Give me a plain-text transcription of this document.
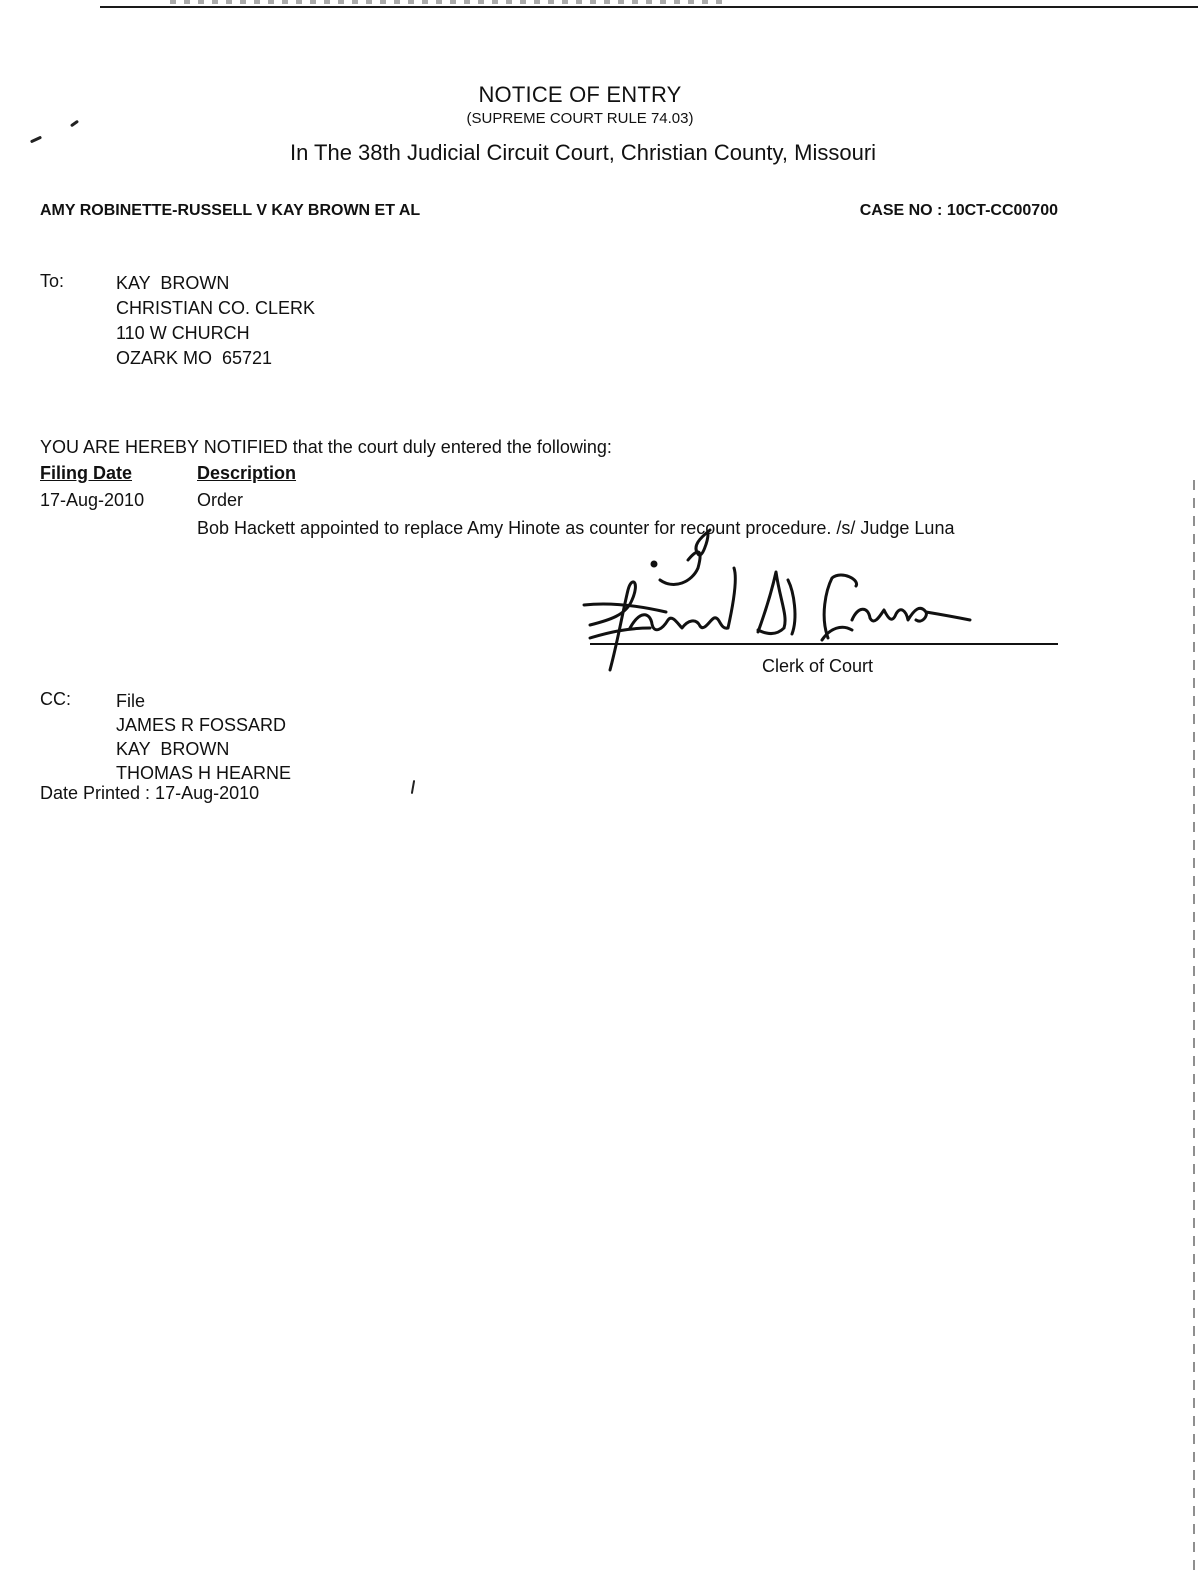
NOTICE OF ENTRY
(SUPREME COURT RULE 74.03)
In The 38th Judicial Circuit Court, Christian County, Missouri
AMY ROBINETTE-RUSSELL V KAY BROWN ET AL	CASE NO : 10CT-CC00700
To:	KAY  BROWN
CHRISTIAN CO. CLERK
110 W CHURCH
OZARK MO  65721
YOU ARE HEREBY NOTIFIED that the court duly entered the following:
Filing Date	Description
17-Aug-2010	Order
Bob Hackett appointed to replace Amy Hinote as counter for recount procedure. /s/ Judge Luna
Clerk of Court
CC:	File
JAMES R FOSSARD
KAY  BROWN
THOMAS H HEARNE
Date Printed : 17-Aug-2010
